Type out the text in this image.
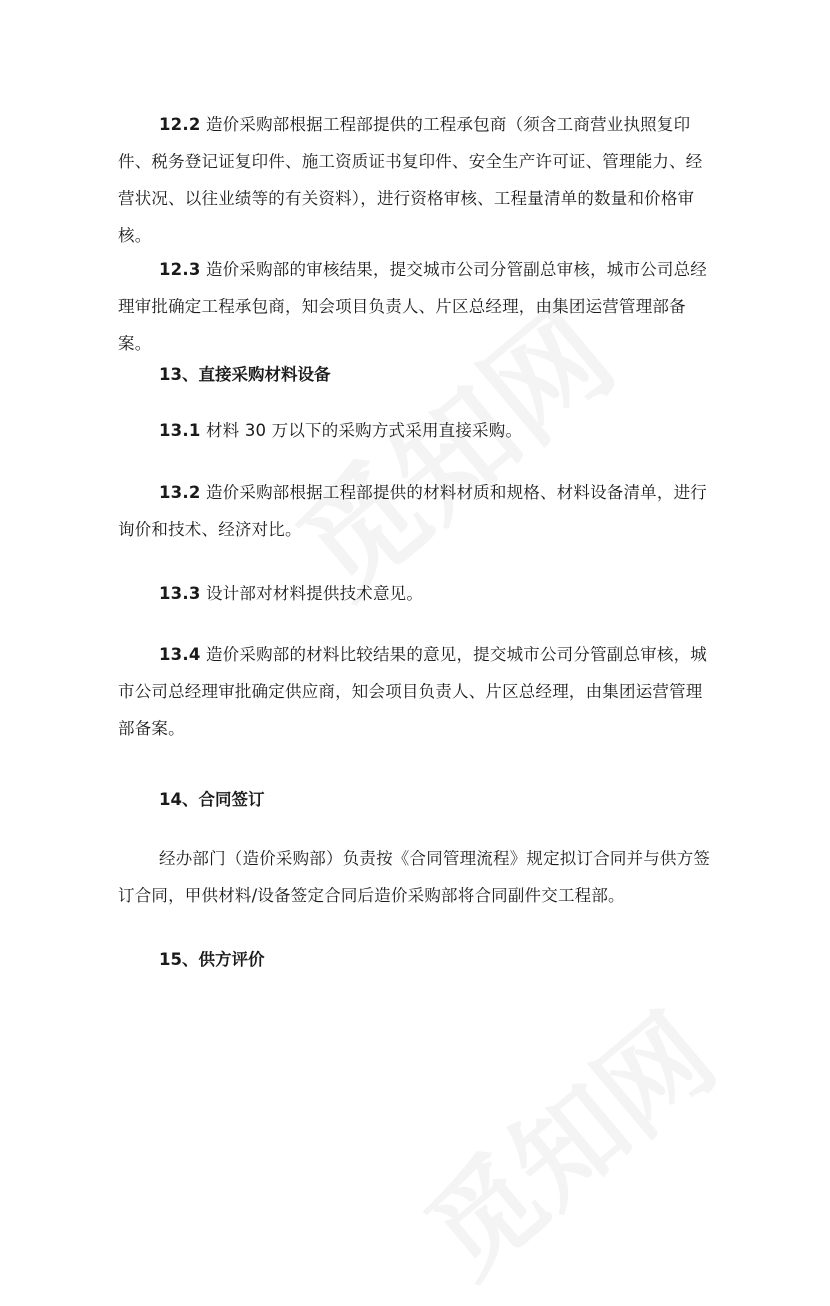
12.2 造价采购部根据工程部提供的工程承包商（须含工商营业执照复印件、税务登记证复印件、施工资质证书复印件、安全生产许可证、管理能力、经营状况、以往业绩等的有关资料），进行资格审核、工程量清单的数量和价格审核。

12.3 造价采购部的审核结果，提交城市公司分管副总审核，城市公司总经理审批确定工程承包商，知会项目负责人、片区总经理，由集团运营管理部备案。

13、直接采购材料设备

13.1 材料 30 万以下的采购方式采用直接采购。

13.2 造价采购部根据工程部提供的材料材质和规格、材料设备清单，进行询价和技术、经济对比。

13.3 设计部对材料提供技术意见。

13.4 造价采购部的材料比较结果的意见，提交城市公司分管副总审核，城市公司总经理审批确定供应商，知会项目负责人、片区总经理，由集团运营管理部备案。

14、合同签订

经办部门（造价采购部）负责按《合同管理流程》规定拟订合同并与供方签订合同，甲供材料/设备签定合同后造价采购部将合同副件交工程部。

15、供方评价
